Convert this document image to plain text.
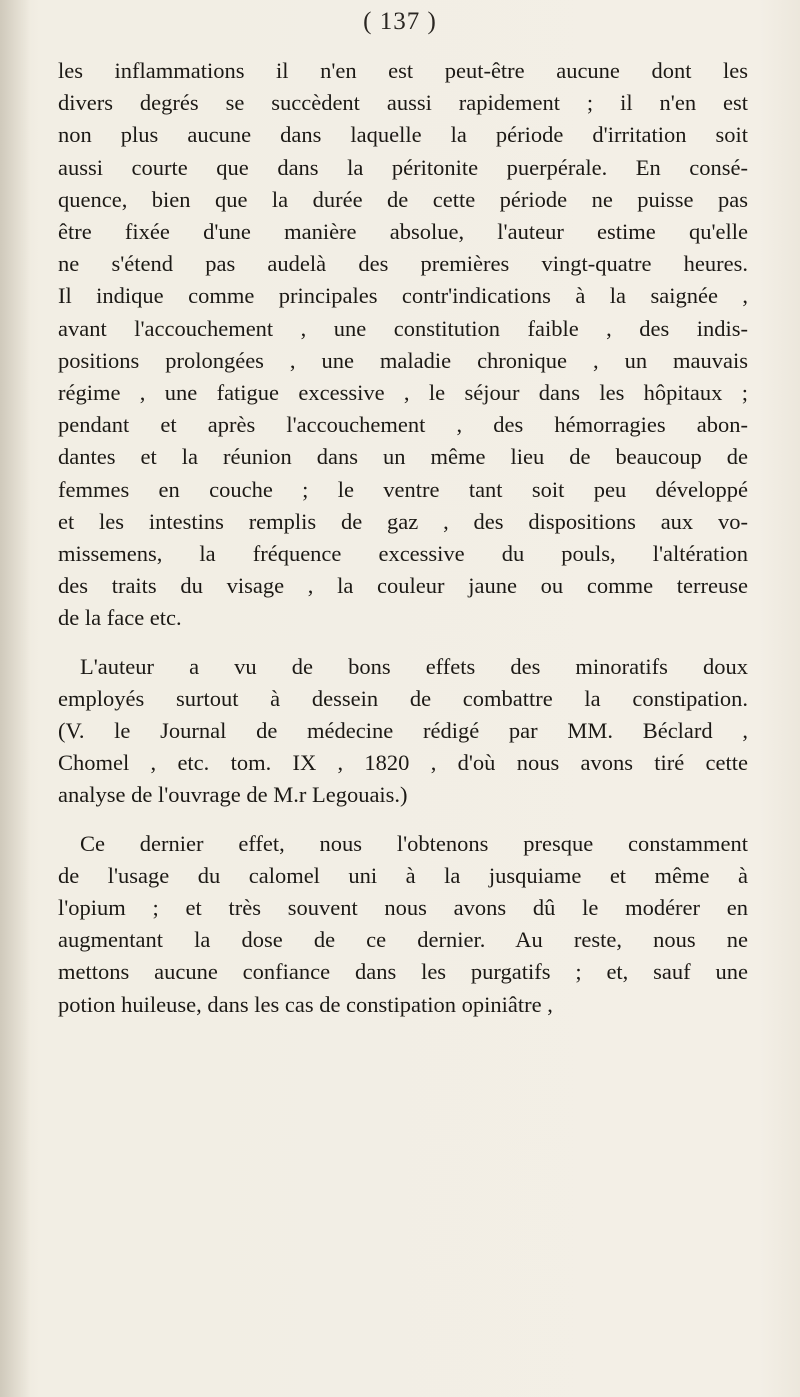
( 137 )

les inflammations il n'en est peut-être aucune dont les
divers degrés se succèdent aussi rapidement ; il n'en est
non plus aucune dans laquelle la période d'irritation soit
aussi courte que dans la péritonite puerpérale. En consé-
quence, bien que la durée de cette période ne puisse pas
être fixée d'une manière absolue, l'auteur estime qu'elle
ne s'étend pas audelà des premières vingt-quatre heures.
Il indique comme principales contr'indications à la saignée ,
avant l'accouchement , une constitution faible , des indis-
positions prolongées , une maladie chronique , un mauvais
régime , une fatigue excessive , le séjour dans les hôpitaux ;
pendant et après l'accouchement , des hémorragies abon-
dantes et la réunion dans un même lieu de beaucoup de
femmes en couche ; le ventre tant soit peu développé
et les intestins remplis de gaz , des dispositions aux vo-
missemens, la fréquence excessive du pouls, l'altération
des traits du visage , la couleur jaune ou comme terreuse
de la face etc.

L'auteur a vu de bons effets des minoratifs doux
employés surtout à dessein de combattre la constipation.
(V. le Journal de médecine rédigé par MM. Béclard ,
Chomel , etc. tom. IX , 1820 , d'où nous avons tiré cette
analyse de l'ouvrage de M.r Legouais.)

Ce dernier effet, nous l'obtenons presque constamment
de l'usage du calomel uni à la jusquiame et même à
l'opium ; et très souvent nous avons dû le modérer en
augmentant la dose de ce dernier. Au reste, nous ne
mettons aucune confiance dans les purgatifs ; et, sauf une
potion huileuse, dans les cas de constipation opiniâtre ,
